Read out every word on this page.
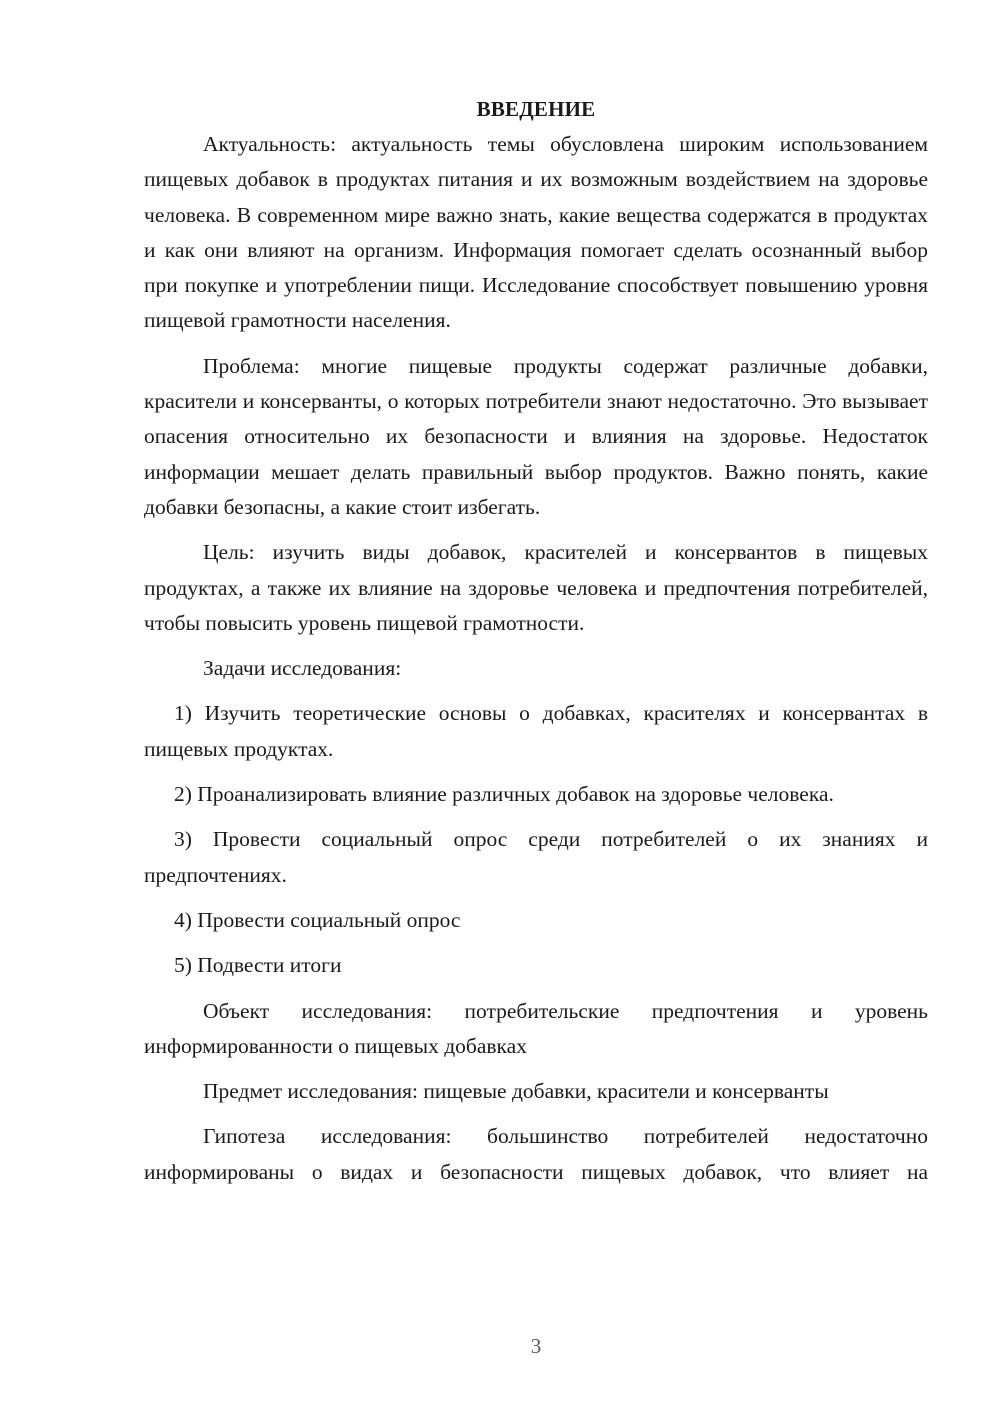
ВВЕДЕНИЕ

Актуальность: актуальность темы обусловлена широким использованием пищевых добавок в продуктах питания и их возможным воздействием на здоровье человека. В современном мире важно знать, какие вещества содержатся в продуктах и как они влияют на организм. Информация помогает сделать осознанный выбор при покупке и употреблении пищи. Исследование способствует повышению уровня пищевой грамотности населения.

Проблема: многие пищевые продукты содержат различные добавки, красители и консерванты, о которых потребители знают недостаточно. Это вызывает опасения относительно их безопасности и влияния на здоровье. Недостаток информации мешает делать правильный выбор продуктов. Важно понять, какие добавки безопасны, а какие стоит избегать.

Цель: изучить виды добавок, красителей и консервантов в пищевых продуктах, а также их влияние на здоровье человека и предпочтения потребителей, чтобы повысить уровень пищевой грамотности.

Задачи исследования:

1) Изучить теоретические основы о добавках, красителях и консервантах в пищевых продуктах.

2) Проанализировать влияние различных добавок на здоровье человека.

3) Провести социальный опрос среди потребителей о их знаниях и предпочтениях.

4) Провести социальный опрос

5) Подвести итоги

Объект исследования: потребительские предпочтения и уровень информированности о пищевых добавках

Предмет исследования: пищевые добавки, красители и консерванты

Гипотеза исследования: большинство потребителей недостаточно информированы о видах и безопасности пищевых добавок, что влияет на

3
